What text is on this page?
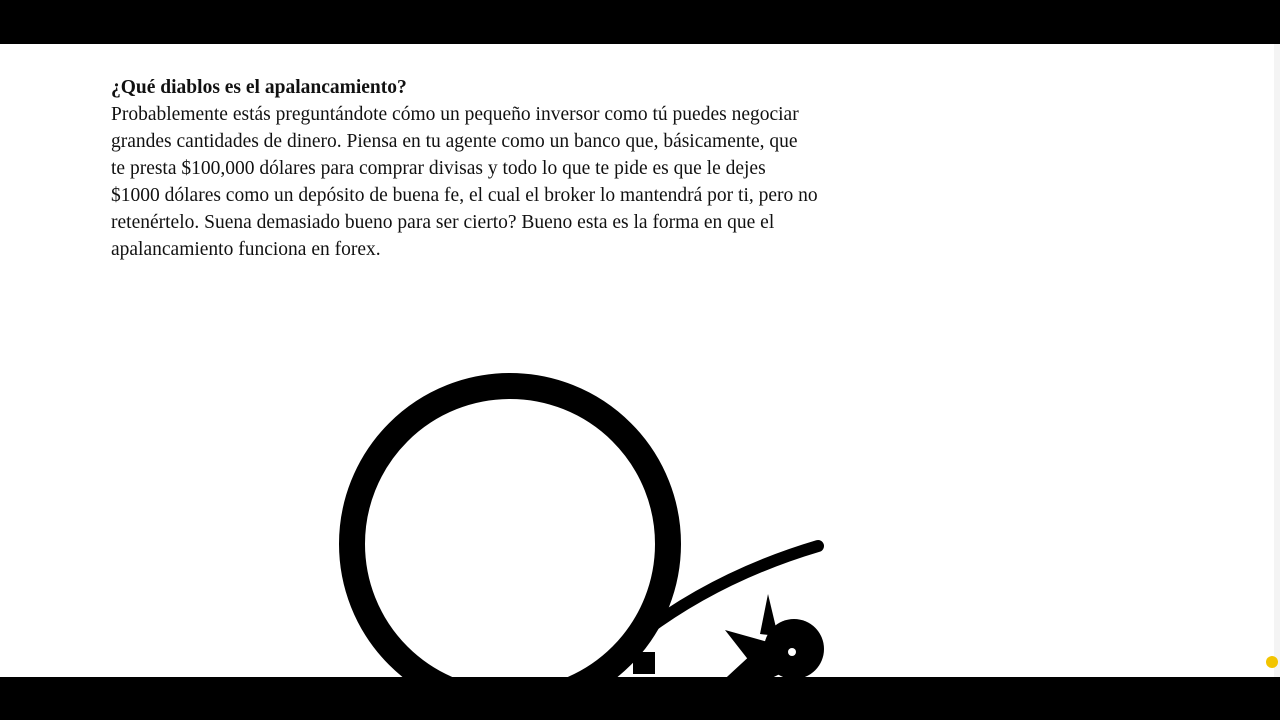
¿Qué diablos es el apalancamiento?
Probablemente estás preguntándote cómo un pequeño inversor como tú puedes negociar
grandes cantidades de dinero. Piensa en tu agente como un banco que, básicamente, que
te presta $100,000 dólares para comprar divisas y todo lo que te pide es que le dejes
$1000 dólares como un depósito de buena fe, el cual el broker lo mantendrá por ti, pero no
retenértelo. Suena demasiado bueno para ser cierto? Bueno esta es la forma en que el
apalancamiento funciona en forex.
